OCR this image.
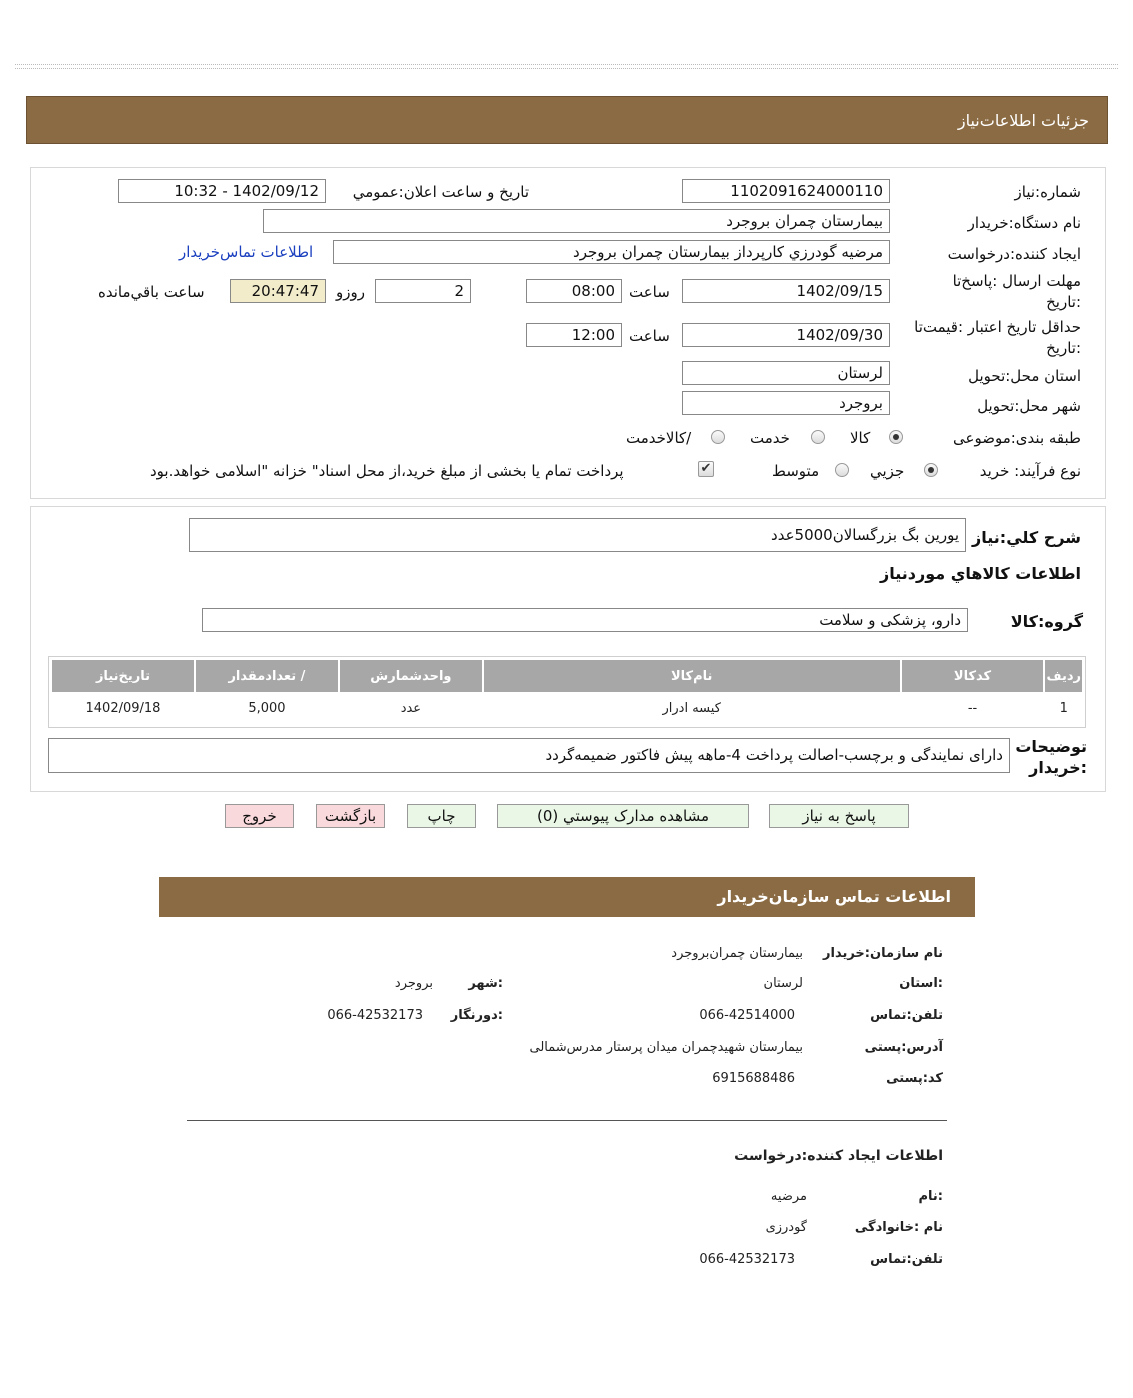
جزئيات اطلاعات‌نیاز
شماره:نياز
1102091624000110
تاريخ و ساعت اعلان:عمومي
1402/09/12 - 10:32
نام دستگاه:خريدار
بيمارستان چمران بروجرد
ايجاد کننده:درخواست
مرضيه گودرزي کارپرداز بيمارستان چمران بروجرد
اطلاعات تماس‌خريدار
مهلت ارسال :پاسخ‌تا
:تاريخ
1402/09/15
ساعت
08:00
2
روزو
20:47:47
ساعت باقي‌مانده
حداقل تاريخ اعتبار :قيمت‌تا
:تاريخ
1402/09/30
ساعت
12:00
استان محل:تحويل
لرستان
شهر محل:تحويل
بروجرد
طبقه بندی:موضوعی
کالا
خدمت
/کالاخدمت
نوع فرآيند: خريد
جزيي
متوسط
✔
پرداخت تمام يا بخشی از مبلغ خريد،از محل اسناد" خزانه "اسلامی خواهد.بود
شرح کلي:نياز
یورین بگ بزرگسالان5000عدد
اطلاعات کالاهاي موردنياز
گروه:کالا
دارو، پزشکی و سلامت
رديف	کدکالا	نام‌کالا	واحدشمارش	/ تعدادمقدار	تاريخ‌نياز
1	--	کيسه ادرار	عدد	5,000	1402/09/18
توضيحات
:خريدار
دارای نمایندگی و برچسب-اصالت پرداخت 4-ماهه پیش فاکتور ضمیمه‌گردد
پاسخ به نياز
مشاهده مدارک پيوستي (0)
چاپ
بازگشت
خروج
اطلاعات تماس سازمان‌خريدار
نام سازمان:خريدار
بیمارستان چمران‌بروجرد
:استان
لرستان
:شهر
بروجرد
تلفن:تماس
066-42514000
:دورنگار
066-42532173
آدرس:پستی
بیمارستان شهیدچمران میدان پرستار مدرس‌شمالی
کد:پستی
6915688486
اطلاعات ایجاد کننده:درخواست
:نام
مرضیه
نام :خانوادگی
گودرزی
تلفن:تماس
066-42532173
